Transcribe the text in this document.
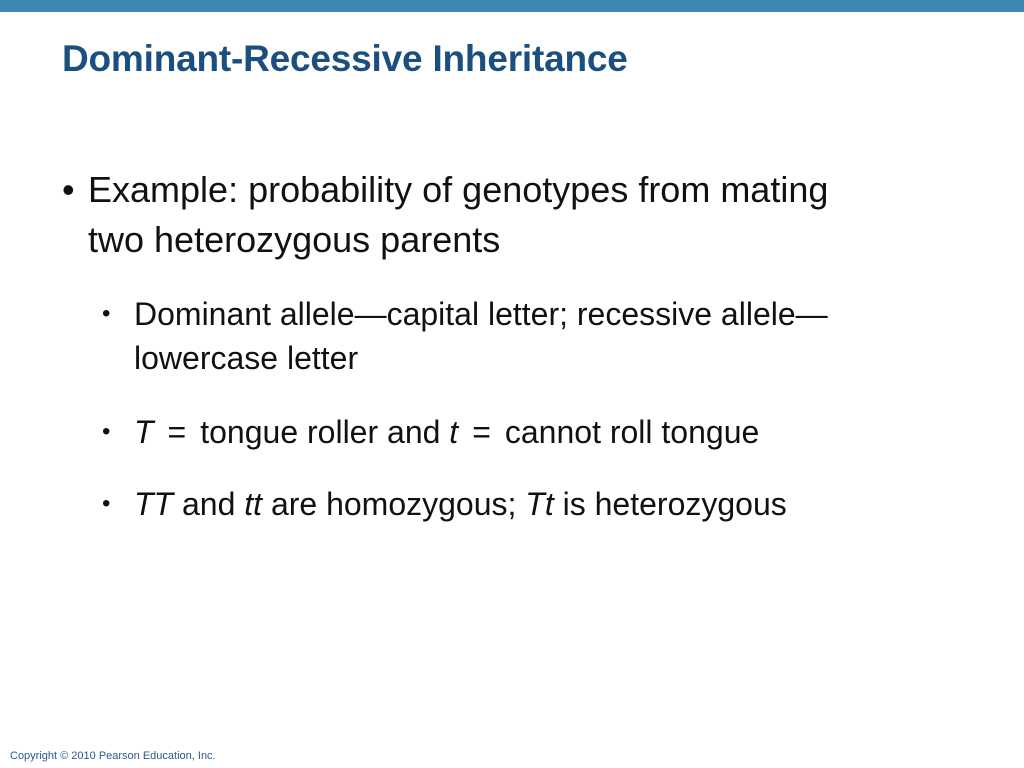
Dominant-Recessive Inheritance
• Example: probability of genotypes from mating two heterozygous parents
• Dominant allele—capital letter; recessive allele—lowercase letter
• T = tongue roller and t = cannot roll tongue
• TT and tt are homozygous; Tt is heterozygous
Copyright © 2010 Pearson Education, Inc.
